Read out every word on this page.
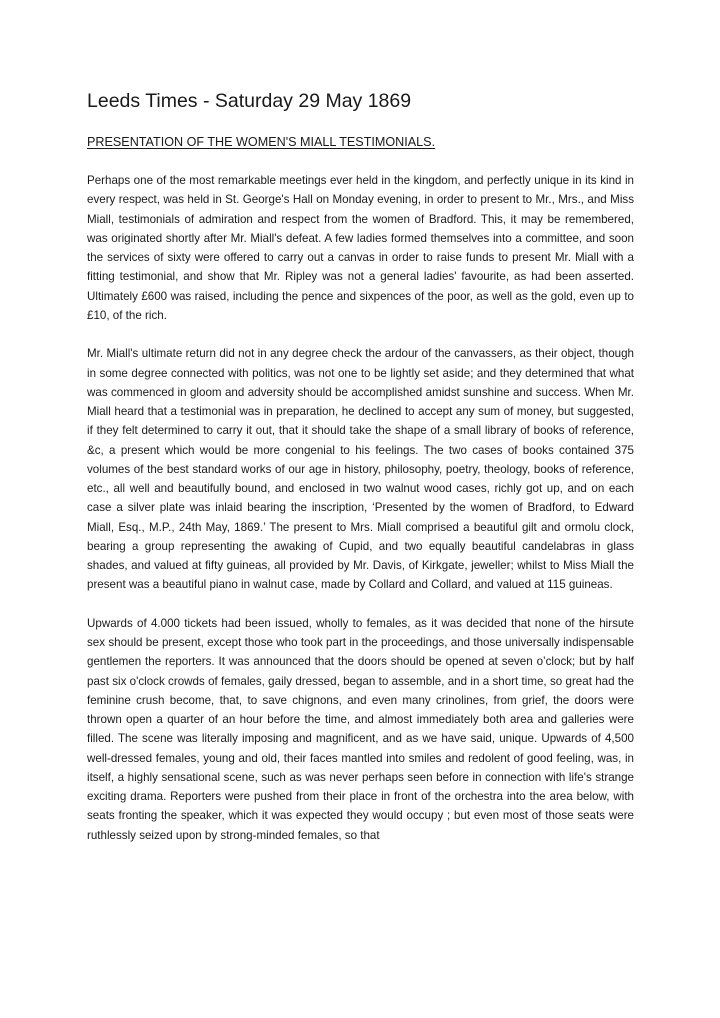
Leeds Times - Saturday 29 May 1869
PRESENTATION OF THE WOMEN'S MIALL TESTIMONIALS.

Perhaps one of the most remarkable meetings ever held in the kingdom, and perfectly unique in its kind in every respect, was held in St. George's Hall on Monday evening, in order to present to Mr., Mrs., and Miss Miall, testimonials of admiration and respect from the women of Bradford. This, it may be remembered, was originated shortly after Mr. Miall's defeat. A few ladies formed themselves into a committee, and soon the services of sixty were offered to carry out a canvas in order to raise funds to present Mr. Miall with a fitting testimonial, and show that Mr. Ripley was not a general ladies' favourite, as had been asserted. Ultimately £600 was raised, including the pence and sixpences of the poor, as well as the gold, even up to £10, of the rich.

Mr. Miall's ultimate return did not in any degree check the ardour of the canvassers, as their object, though in some degree connected with politics, was not one to be lightly set aside; and they determined that what was commenced in gloom and adversity should be accomplished amidst sunshine and success. When Mr. Miall heard that a testimonial was in preparation, he declined to accept any sum of money, but suggested, if they felt determined to carry it out, that it should take the shape of a small library of books of reference, &c, a present which would be more congenial to his feelings. The two cases of books contained 375 volumes of the best standard works of our age in history, philosophy, poetry, theology, books of reference, etc., all well and beautifully bound, and enclosed in two walnut wood cases, richly got up, and on each case a silver plate was inlaid bearing the inscription, ‘Presented by the women of Bradford, to Edward Miall, Esq., M.P., 24th May, 1869.’ The present to Mrs. Miall comprised a beautiful gilt and ormolu clock, bearing a group representing the awaking of Cupid, and two equally beautiful candelabras in glass shades, and valued at fifty guineas, all provided by Mr. Davis, of Kirkgate, jeweller; whilst to Miss Miall the present was a beautiful piano in walnut case, made by Collard and Collard, and valued at 115 guineas.

Upwards of 4.000 tickets had been issued, wholly to females, as it was decided that none of the hirsute sex should be present, except those who took part in the proceedings, and those universally indispensable gentlemen the reporters. It was announced that the doors should be opened at seven o’clock; but by half past six o'clock crowds of females, gaily dressed, began to assemble, and in a short time, so great had the feminine crush become, that, to save chignons, and even many crinolines, from grief, the doors were thrown open a quarter of an hour before the time, and almost immediately both area and galleries were filled. The scene was literally imposing and magnificent, and as we have said, unique. Upwards of 4,500 well-dressed females, young and old, their faces mantled into smiles and redolent of good feeling, was, in itself, a highly sensational scene, such as was never perhaps seen before in connection with life's strange exciting drama. Reporters were pushed from their place in front of the orchestra into the area below, with seats fronting the speaker, which it was expected they would occupy ; but even most of those seats were ruthlessly seized upon by strong-minded females, so that
